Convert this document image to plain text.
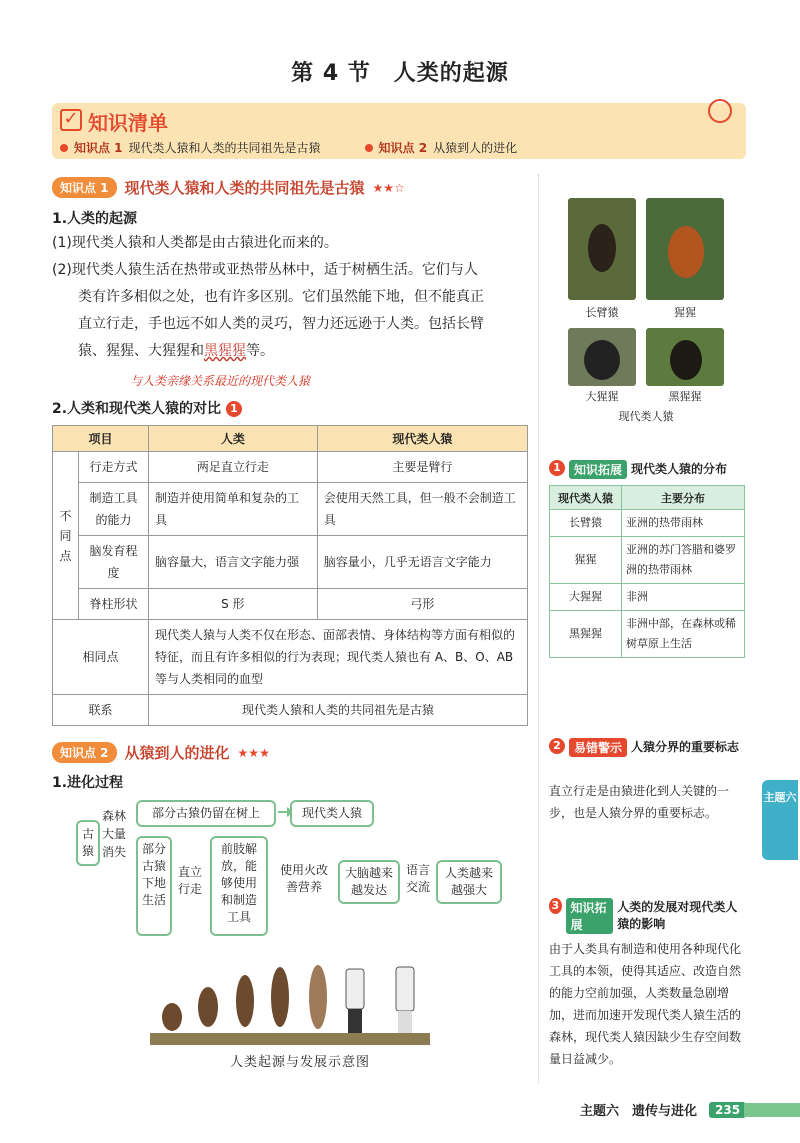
第 4 节　人类的起源
✓ 知识清单
知识点 1 现代类人猿和人类的共同祖先是古猿	知识点 2 从猿到人的进化
知识点 1	现代类人猿和人类的共同祖先是古猿 ★★☆
1.人类的起源

(1)现代类人猿和人类都是由古猿进化而来的。

(2)现代类人猿生活在热带或亚热带丛林中，适于树栖生活。它们与人

类有许多相似之处，也有许多区别。它们虽然能下地，但不能真正

直立行走，手也远不如人类的灵巧，智力还远逊于人类。包括长臂

猿、猩猩、大猩猩和黑猩猩等。

与人类亲缘关系最近的现代类人猿
2.人类和现代类人猿的对比 1
项目		人类	现代类人猿
不同点	行走方式	两足直立行走	主要是臂行
	制造工具的能力	制造并使用简单和复杂的工具	会使用天然工具，但一般不会制造工具
	脑发育程度	脑容量大，语言文字能力强	脑容量小，几乎无语言文字能力
	脊柱形状	S 形	弓形
相同点		现代类人猿与人类不仅在形态、面部表情、身体结构等方面有相似的特征，而且有许多相似的行为表现；现代类人猿也有 A、B、O、AB 等与人类相同的血型	
联系		现代类人猿和人类的共同祖先是古猿	
知识点 2	从猿到人的进化 ★★★
1.进化过程
古猿
森林
大量
消失
部分古猿仍留在树上	现代类人猿
部分古猿下地生活
直立行走
前肢解放，能够使用和制造工具
使用火改善营养
大脑越来越发达
语言交流
人类越来越强大
人类起源与发展示意图
长臂猿	猩猩
大猩猩	黑猩猩
现代类人猿
1	知识拓展 现代类人猿的分布
现代类人猿	主要分布
长臂猿	亚洲的热带雨林
猩猩	亚洲的苏门答腊和婆罗洲的热带雨林
大猩猩	非洲
黑猩猩	非洲中部，在森林或稀树草原上生活
2	易错警示 人猿分界的重要标志
直立行走是由猿进化到人关键的一步，也是人猿分界的重要标志。
3 知识拓展
人类的发展对现代类人猿的影响
由于人类具有制造和使用各种现代化工具的本领，使得其适应、改造自然的能力空前加强，人类数量急剧增加，进而加速开发现代类人猿生活的森林，现代类人猿因缺少生存空间数量日益减少。
主题六
主题六　遗传与进化	235
